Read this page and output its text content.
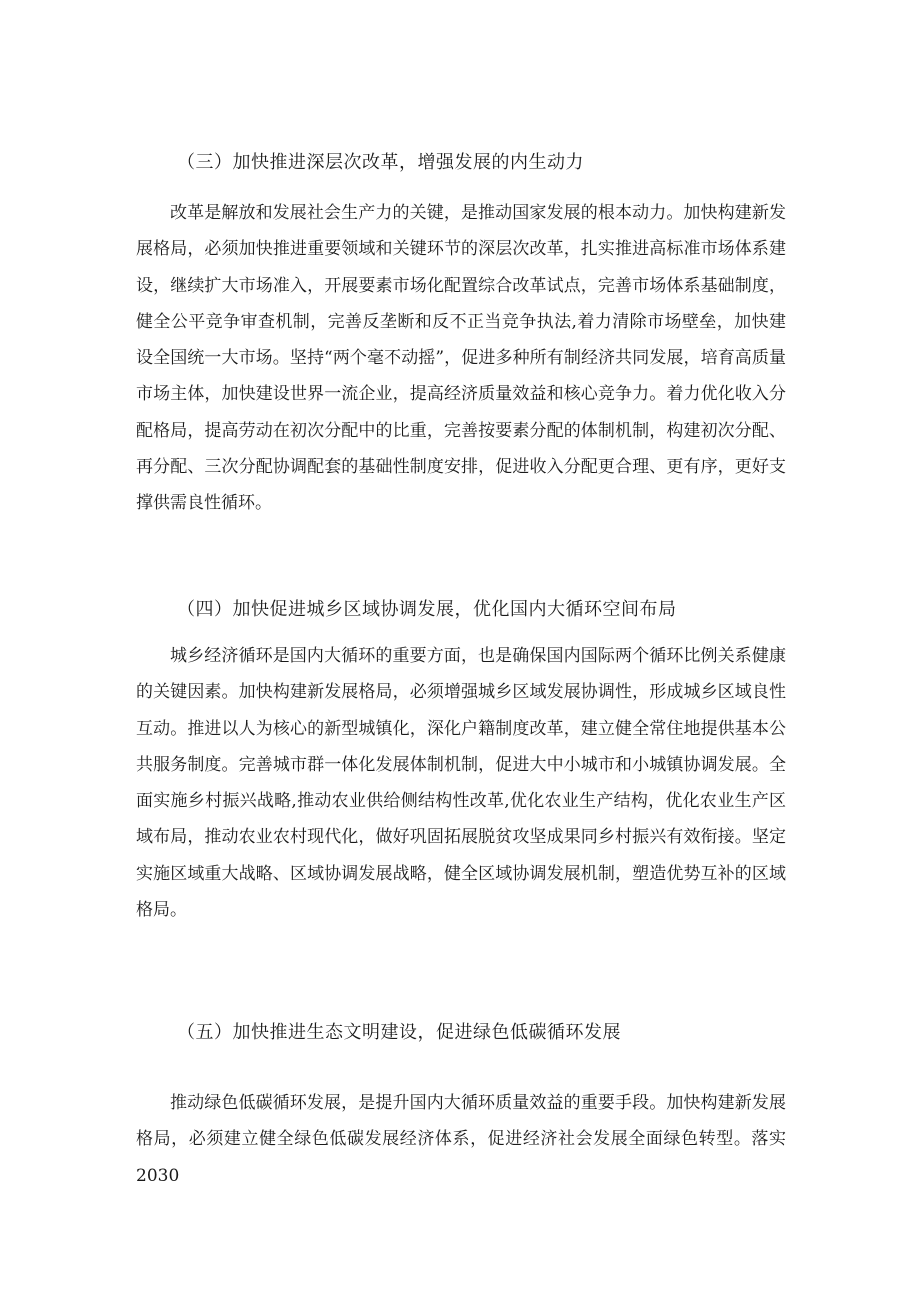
（三）加快推进深层次改革，增强发展的内生动力

改革是解放和发展社会生产力的关键，是推动国家发展的根本动力。加快构建新发展格局，必须加快推进重要领域和关键环节的深层次改革，扎实推进高标准市场体系建设，继续扩大市场准入，开展要素市场化配置综合改革试点，完善市场体系基础制度，健全公平竞争审查机制，完善反垄断和反不正当竞争执法,着力清除市场壁垒，加快建设全国统一大市场。坚持“两个毫不动摇”，促进多种所有制经济共同发展，培育高质量市场主体，加快建设世界一流企业，提高经济质量效益和核心竞争力。着力优化收入分配格局，提高劳动在初次分配中的比重，完善按要素分配的体制机制，构建初次分配、再分配、三次分配协调配套的基础性制度安排，促进收入分配更合理、更有序，更好支撑供需良性循环。

（四）加快促进城乡区域协调发展，优化国内大循环空间布局

城乡经济循环是国内大循环的重要方面，也是确保国内国际两个循环比例关系健康的关键因素。加快构建新发展格局，必须增强城乡区域发展协调性，形成城乡区域良性互动。推进以人为核心的新型城镇化，深化户籍制度改革，建立健全常住地提供基本公共服务制度。完善城市群一体化发展体制机制，促进大中小城市和小城镇协调发展。全面实施乡村振兴战略,推动农业供给侧结构性改革,优化农业生产结构，优化农业生产区域布局，推动农业农村现代化，做好巩固拓展脱贫攻坚成果同乡村振兴有效衔接。坚定实施区域重大战略、区域协调发展战略，健全区域协调发展机制，塑造优势互补的区域格局。

（五）加快推进生态文明建设，促进绿色低碳循环发展

推动绿色低碳循环发展，是提升国内大循环质量效益的重要手段。加快构建新发展格局，必须建立健全绿色低碳发展经济体系，促进经济社会发展全面绿色转型。落实 2030
